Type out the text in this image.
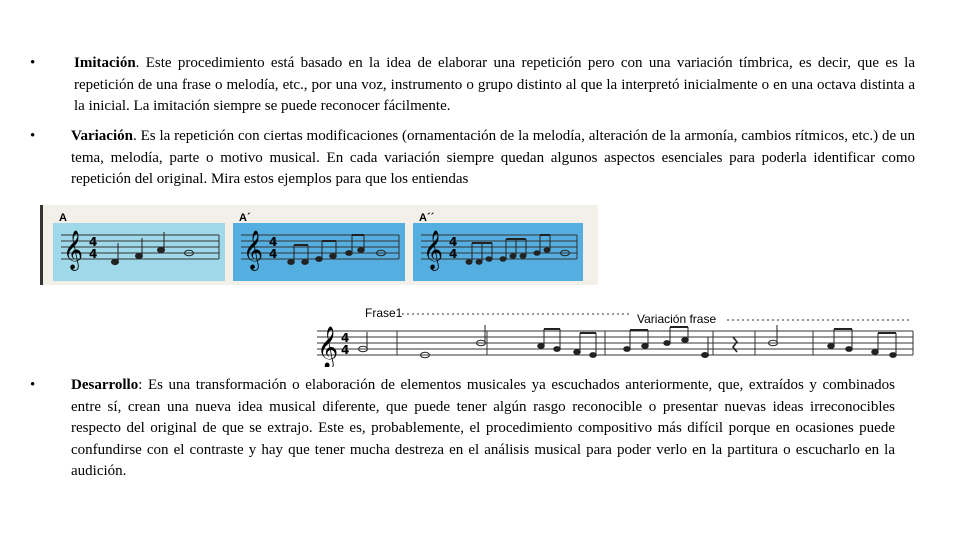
•	Imitación. Este procedimiento está basado en la idea de elaborar una repetición pero con una variación tímbrica, es decir, que es la repetición de una frase o melodía, etc., por una voz, instrumento o grupo distinto al que la interpretó inicialmente o en una octava distinta a la inicial. La imitación siempre se puede reconocer fácilmente.

• Variación. Es la repetición con ciertas modificaciones (ornamentación de la melodía, alteración de la armonía, cambios rítmicos, etc.) de un tema, melodía, parte o motivo musical. En cada variación siempre quedan algunos aspectos esenciales para poderla identificar como repetición del original. Mira estos ejemplos para que los entiendas

A
𝄞 4
4
A´
𝄞 4
4
A´´
𝄞 4
4
Frase1	Variación frase
𝄞 4
4
• Desarrollo: Es una transformación o elaboración de elementos musicales ya escuchados anteriormente, que, extraídos y combinados entre sí, crean una nueva idea musical diferente, que puede tener algún rasgo reconocible o presentar nuevas ideas irreconocibles respecto del original de que se extrajo. Este es, probablemente, el procedimiento compositivo más difícil porque en ocasiones puede confundirse con el contraste y hay que tener mucha destreza en el análisis musical para poder verlo en la partitura o escucharlo en la audición.
